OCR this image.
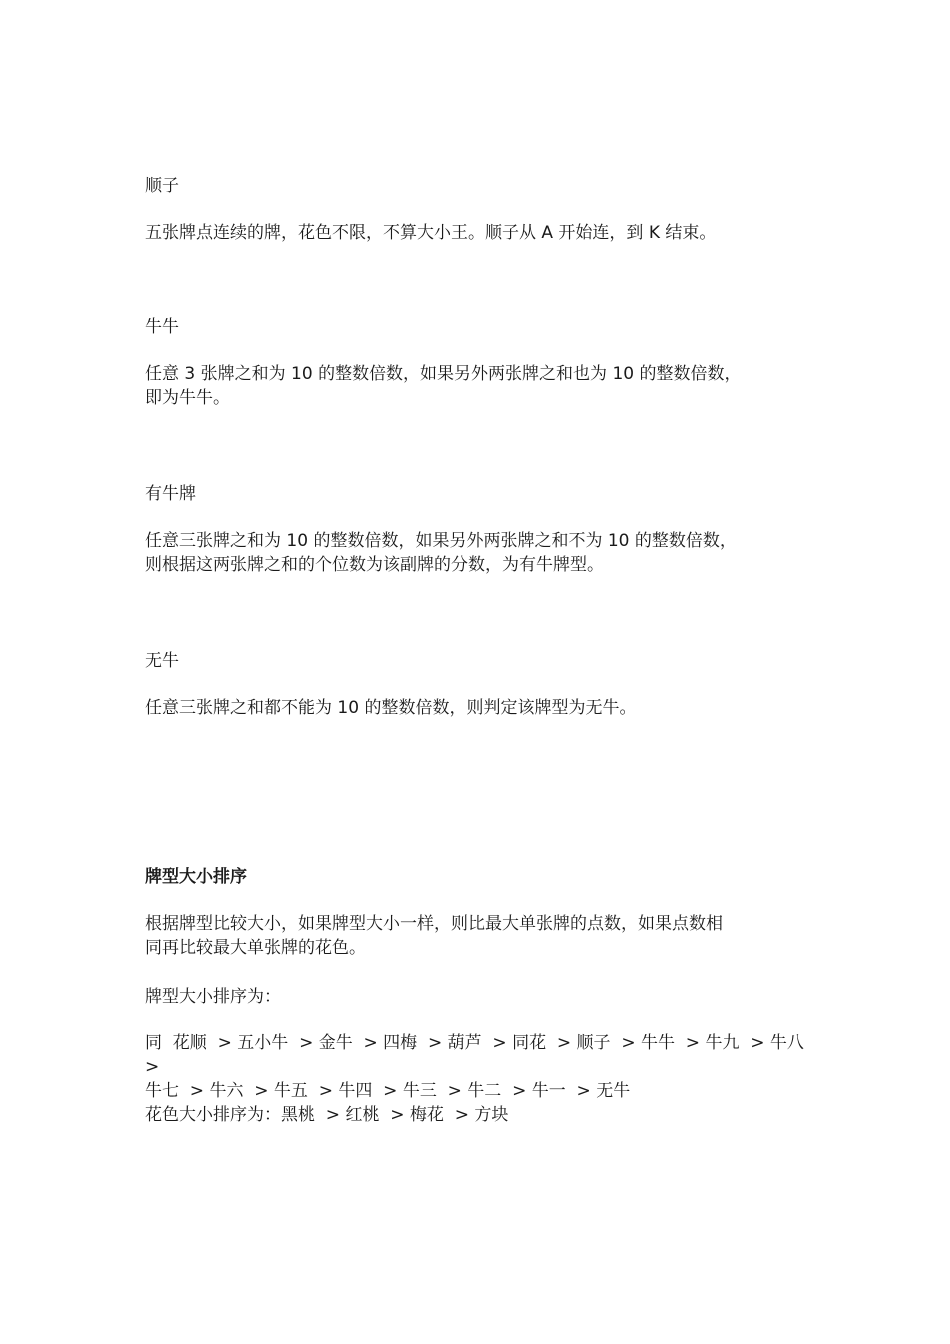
顺子

五张牌点连续的牌，花色不限，不算大小王。顺子从 A 开始连，到 K 结束。

牛牛

任意 3 张牌之和为 10 的整数倍数，如果另外两张牌之和也为 10 的整数倍数，
即为牛牛。

有牛牌

任意三张牌之和为 10 的整数倍数，如果另外两张牌之和不为 10 的整数倍数，
则根据这两张牌之和的个位数为该副牌的分数，为有牛牌型。

无牛

任意三张牌之和都不能为 10 的整数倍数，则判定该牌型为无牛。

牌型大小排序

根据牌型比较大小，如果牌型大小一样，则比最大单张牌的点数，如果点数相
同再比较最大单张牌的花色。

牌型大小排序为：

同  花顺  > 五小牛  > 金牛  > 四梅  > 葫芦  > 同花  > 顺子  > 牛牛  > 牛九  > 牛八  >
牛七  > 牛六  > 牛五  > 牛四  > 牛三  > 牛二  > 牛一  > 无牛

花色大小排序为：黑桃  > 红桃  > 梅花  > 方块
